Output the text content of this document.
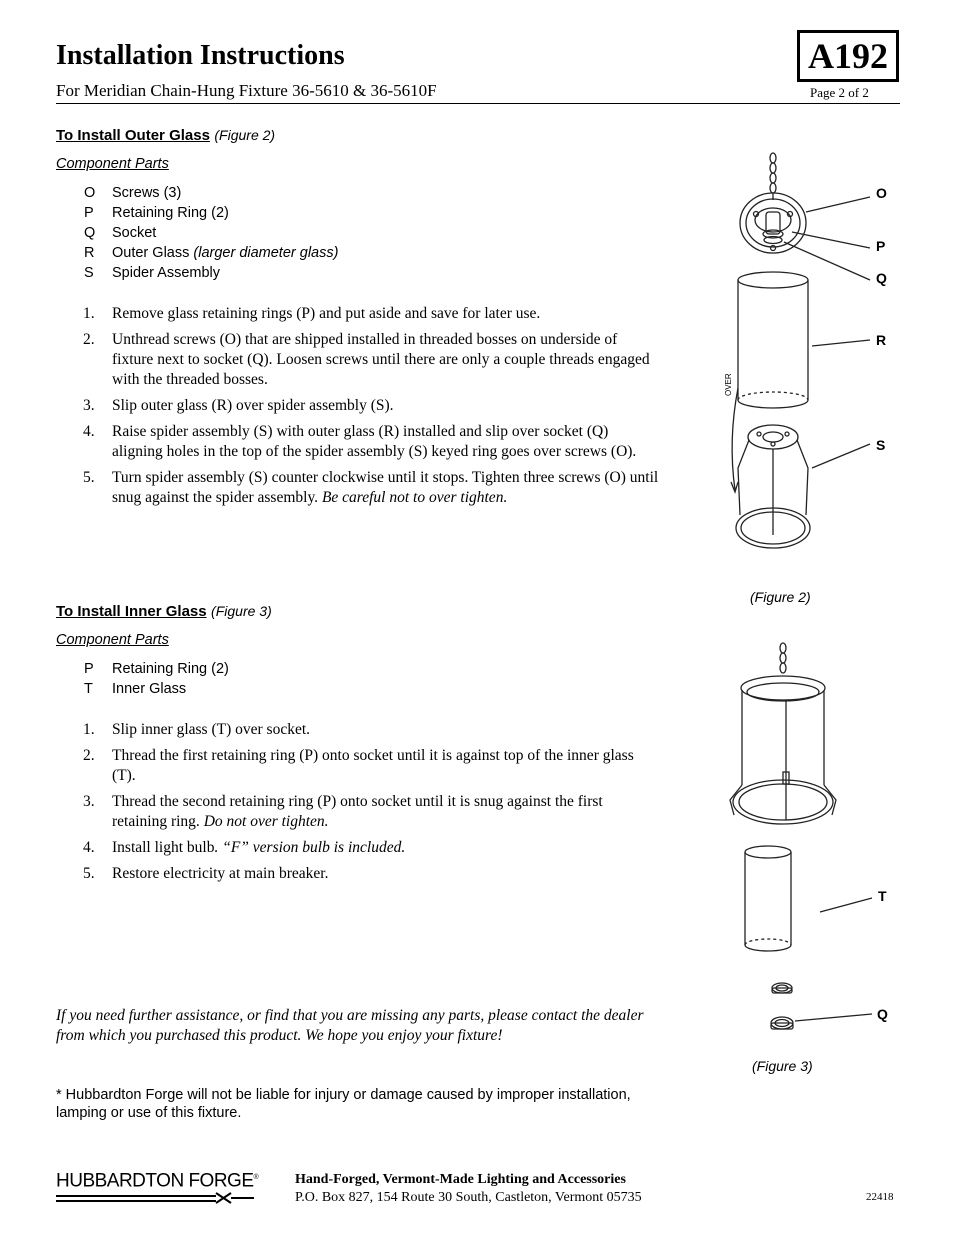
Installation Instructions
For Meridian Chain-Hung Fixture 36-5610 & 36-5610F
A192
Page 2 of 2
To Install Outer Glass (Figure 2)
Component Parts
O Screws (3)
P Retaining Ring (2)
Q Socket
R Outer Glass (larger diameter glass)
S Spider Assembly
1. Remove glass retaining rings (P) and put aside and save for later use.
2. Unthread screws (O) that are shipped installed in threaded bosses on underside of fixture next to socket (Q). Loosen screws until there are only a couple threads engaged with the threaded bosses.
3. Slip outer glass (R) over spider assembly (S).
4. Raise spider assembly (S) with outer glass (R) installed and slip over socket (Q) aligning holes in the top of the spider assembly (S) keyed ring goes over screws (O).
5. Turn spider assembly (S) counter clockwise until it stops. Tighten three screws (O) until snug against the spider assembly. Be careful not to over tighten.
To Install Inner Glass (Figure 3)
Component Parts
P Retaining Ring (2)
T Inner Glass
1. Slip inner glass (T) over socket.
2. Thread the first retaining ring (P) onto socket until it is against top of the inner glass (T).
3. Thread the second retaining ring (P) onto socket until it is snug against the first retaining ring. Do not over tighten.
4. Install light bulb. “F” version bulb is included.
5. Restore electricity at main breaker.
If you need further assistance, or find that you are missing any parts, please contact the dealer from which you purchased this product. We hope you enjoy your fixture!
* Hubbardton Forge will not be liable for injury or damage caused by improper installation, lamping or use of this fixture.
OVER
O
P
Q
R
S
(Figure 2)
T
Q
(Figure 3)
HUBBARDTON FORGE®	Hand-Forged, Vermont-Made Lighting and Accessories
P.O. Box 827, 154 Route 30 South, Castleton, Vermont 05735	22418
